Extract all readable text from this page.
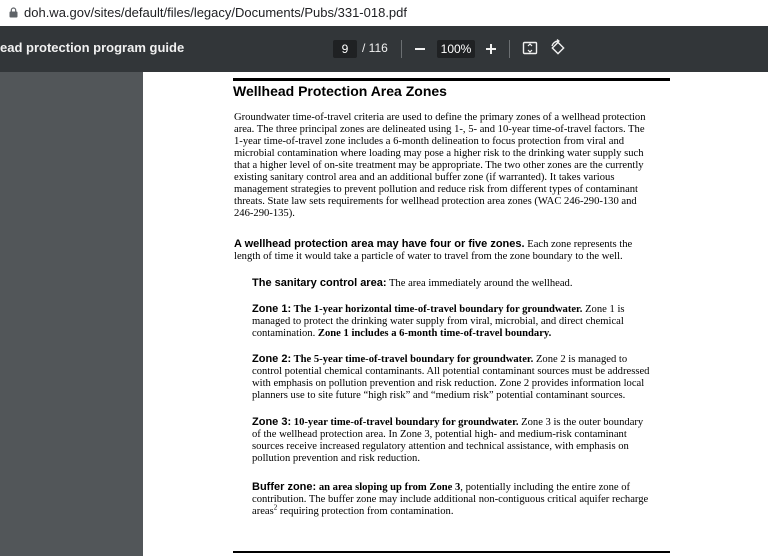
doh.wa.gov/sites/default/files/legacy/Documents/Pubs/331-018.pdf
ead protection program guide	9	/ 116	100%
Wellhead Protection Area Zones
Groundwater time-of-travel criteria are used to define the primary zones of a wellhead protection
area. The three principal zones are delineated using 1-, 5- and 10-year time-of-travel factors. The
1-year time-of-travel zone includes a 6-month delineation to focus protection from viral and
microbial contamination where loading may pose a higher risk to the drinking water supply such
that a higher level of on-site treatment may be appropriate. The two other zones are the currently
existing sanitary control area and an additional buffer zone (if warranted). It takes various
management strategies to prevent pollution and reduce risk from different types of contaminant
threats. State law sets requirements for wellhead protection area zones (WAC 246-290-130 and
246-290-135).
A wellhead protection area may have four or five zones. Each zone represents the
length of time it would take a particle of water to travel from the zone boundary to the well.
The sanitary control area: The area immediately around the wellhead.
Zone 1: The 1-year horizontal time-of-travel boundary for groundwater. Zone 1 is
managed to protect the drinking water supply from viral, microbial, and direct chemical
contamination. Zone 1 includes a 6-month time-of-travel boundary.
Zone 2: The 5-year time-of-travel boundary for groundwater. Zone 2 is managed to
control potential chemical contaminants. All potential contaminant sources must be addressed
with emphasis on pollution prevention and risk reduction. Zone 2 provides information local
planners use to site future “high risk” and “medium risk” potential contaminant sources.
Zone 3: 10-year time-of-travel boundary for groundwater. Zone 3 is the outer boundary
of the wellhead protection area. In Zone 3, potential high- and medium-risk contaminant
sources receive increased regulatory attention and technical assistance, with emphasis on
pollution prevention and risk reduction.
Buffer zone: an area sloping up from Zone 3, potentially including the entire zone of
contribution. The buffer zone may include additional non-contiguous critical aquifer recharge
areas$^2$ requiring protection from contamination.
